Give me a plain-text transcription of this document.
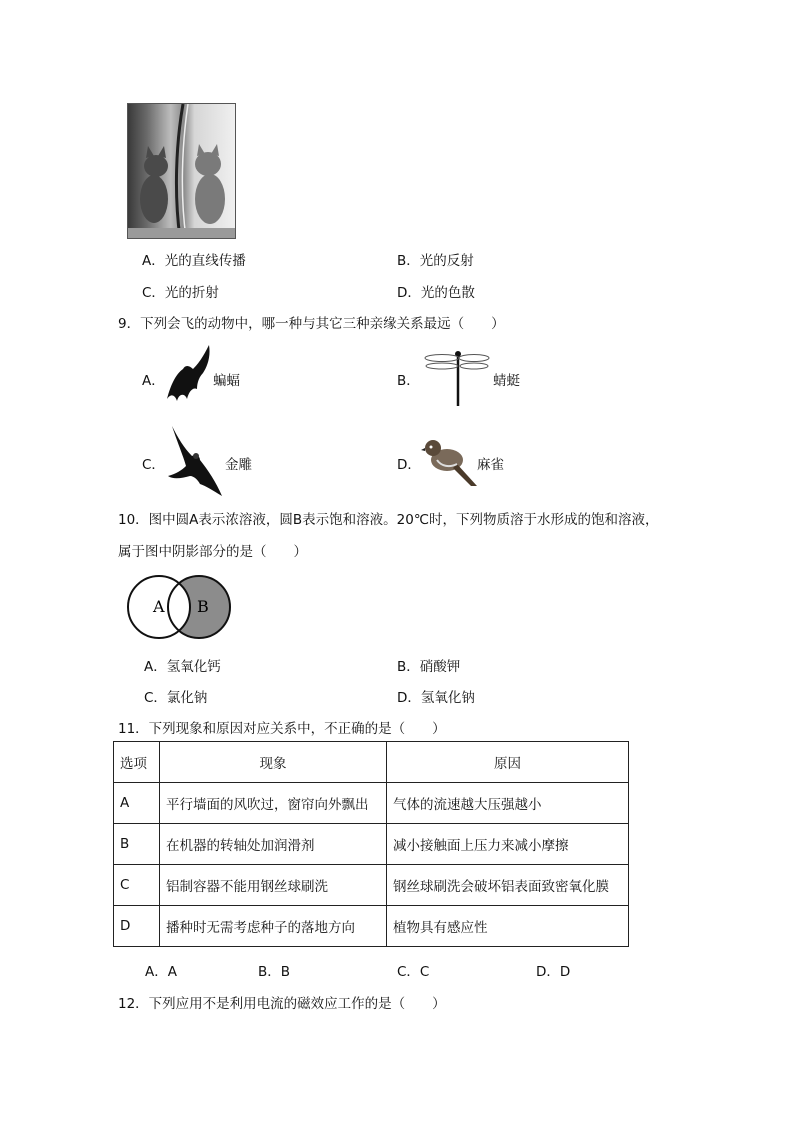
A．光的直线传播	B．光的反射
C．光的折射	D．光的色散
9．下列会飞的动物中，哪一种与其它三种亲缘关系最远（　　）
A．	蝙蝠	B．	蜻蜓
C．	金雕	D．	麻雀
10．图中圆A表示浓溶液，圆B表示饱和溶液。20℃时，下列物质溶于水形成的饱和溶液，
属于图中阴影部分的是（　　）
A B
A．氢氧化钙	B．硝酸钾
C．氯化钠	D．氢氧化钠
11．下列现象和原因对应关系中，不正确的是（　　）
选项	现象	原因
A	平行墙面的风吹过，窗帘向外飘出	气体的流速越大压强越小
B	在机器的转轴处加润滑剂	减小接触面上压力来减小摩擦
C	铝制容器不能用钢丝球刷洗	钢丝球刷洗会破坏铝表面致密氧化膜
D	播种时无需考虑种子的落地方向	植物具有感应性
A．A	B．B	C．C	D．D
12．下列应用不是利用电流的磁效应工作的是（　　）
